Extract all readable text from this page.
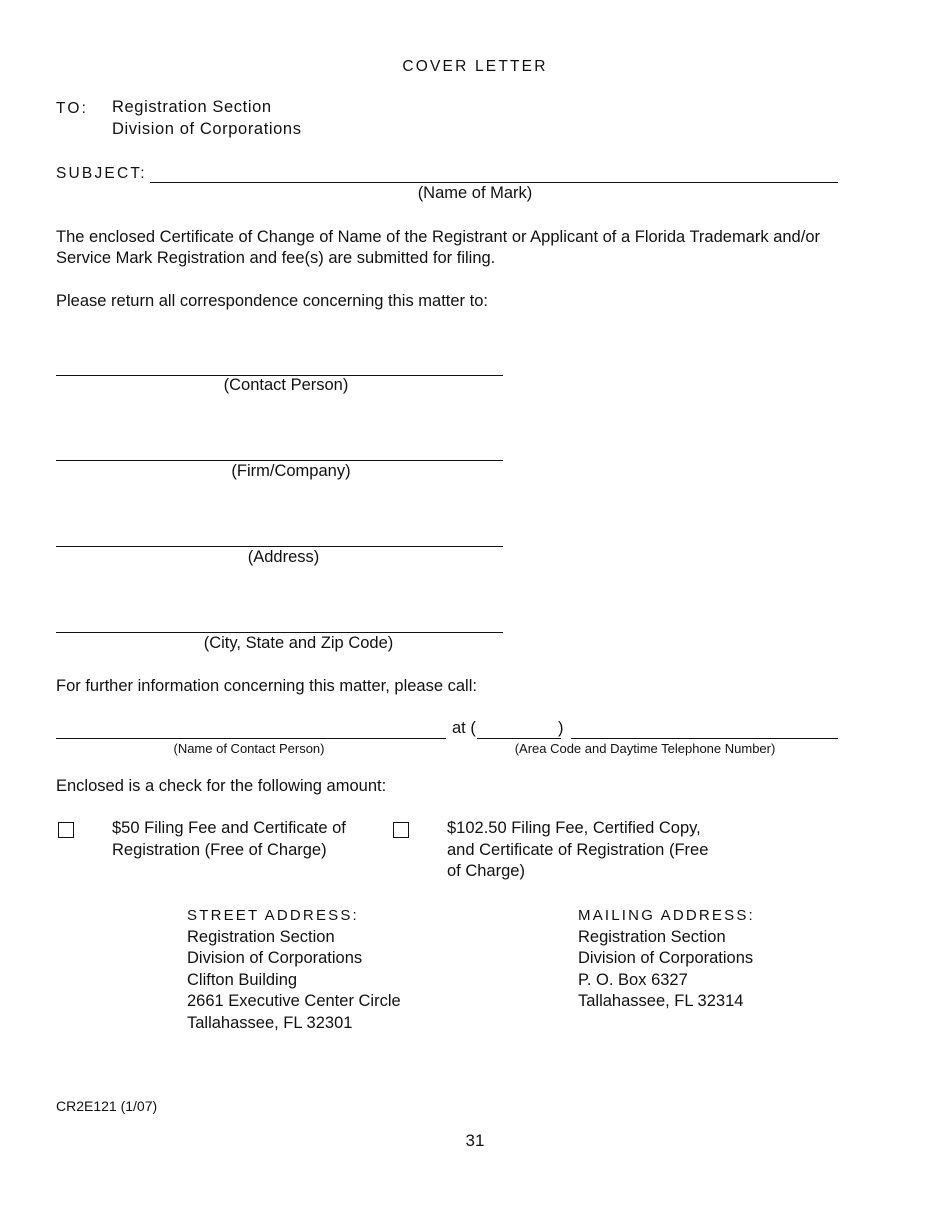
COVER LETTER
TO: Registration Section
Division of Corporations
SUBJECT:
(Name of Mark)
The enclosed Certificate of Change of Name of the Registrant or Applicant of a Florida Trademark and/or Service Mark Registration and fee(s) are submitted for filing.
Please return all correspondence concerning this matter to:
(Contact Person)
(Firm/Company)
(Address)
(City, State and Zip Code)
For further information concerning this matter, please call:
at (	)
(Name of Contact Person)	(Area Code and Daytime Telephone Number)
Enclosed is a check for the following amount:
$50 Filing Fee and Certificate of
Registration (Free of Charge)
$102.50 Filing Fee, Certified Copy,
and Certificate of Registration (Free
of Charge)
STREET ADDRESS:
Registration Section
Division of Corporations
Clifton Building
2661 Executive Center Circle
Tallahassee, FL 32301
MAILING ADDRESS:
Registration Section
Division of Corporations
P. O. Box 6327
Tallahassee, FL 32314
CR2E121 (1/07)
31
